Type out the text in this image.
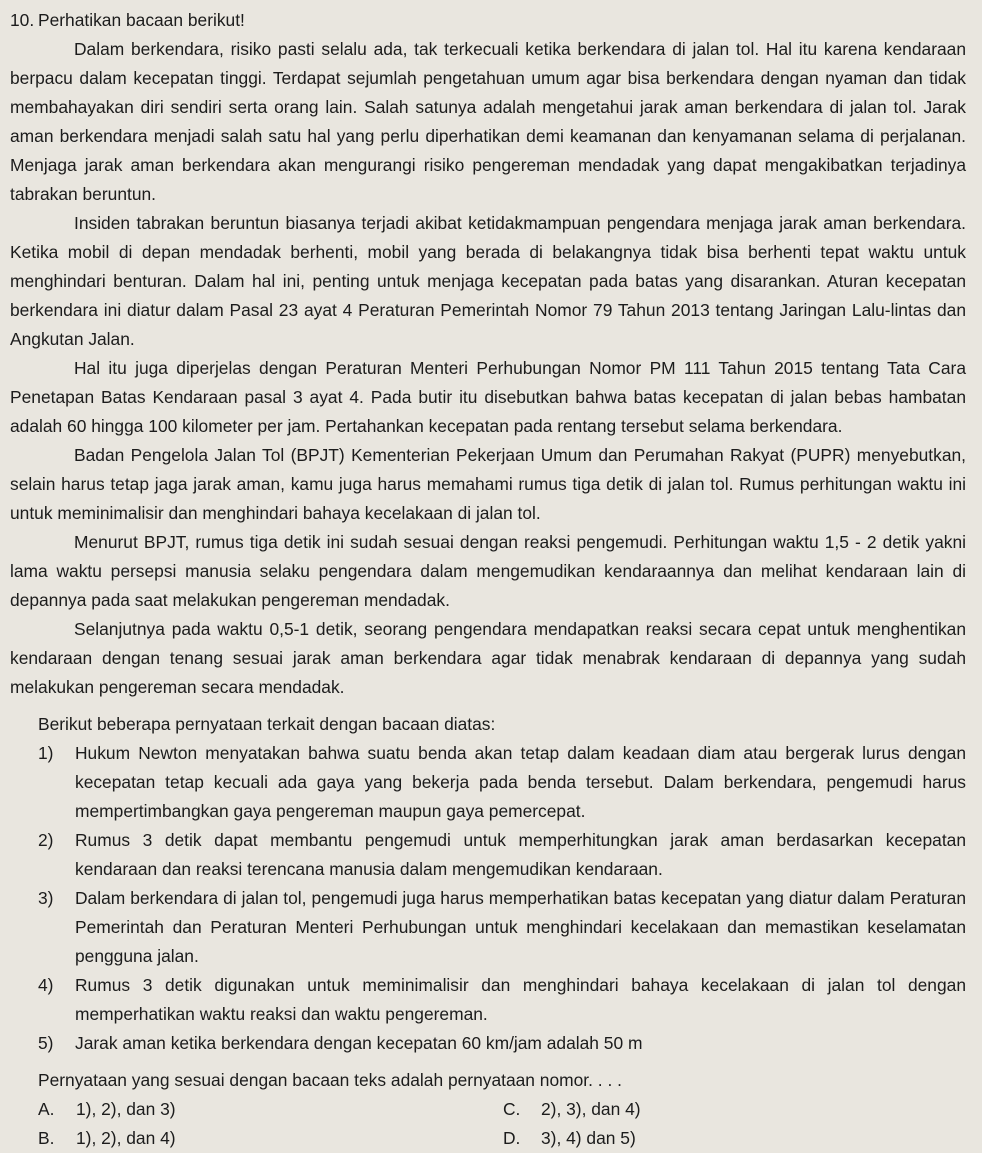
10. Perhatikan bacaan berikut!

Dalam berkendara, risiko pasti selalu ada, tak terkecuali ketika berkendara di jalan tol. Hal itu karena kendaraan berpacu dalam kecepatan tinggi. Terdapat sejumlah pengetahuan umum agar bisa berkendara dengan nyaman dan tidak membahayakan diri sendiri serta orang lain. Salah satunya adalah mengetahui jarak aman berkendara di jalan tol. Jarak aman berkendara menjadi salah satu hal yang perlu diperhatikan demi keamanan dan kenyamanan selama di perjalanan. Menjaga jarak aman berkendara akan mengurangi risiko pengereman mendadak yang dapat mengakibatkan terjadinya tabrakan beruntun.

Insiden tabrakan beruntun biasanya terjadi akibat ketidakmampuan pengendara menjaga jarak aman berkendara. Ketika mobil di depan mendadak berhenti, mobil yang berada di belakangnya tidak bisa berhenti tepat waktu untuk menghindari benturan. Dalam hal ini, penting untuk menjaga kecepatan pada batas yang disarankan. Aturan kecepatan berkendara ini diatur dalam Pasal 23 ayat 4 Peraturan Pemerintah Nomor 79 Tahun 2013 tentang Jaringan Lalu-lintas dan Angkutan Jalan.

Hal itu juga diperjelas dengan Peraturan Menteri Perhubungan Nomor PM 111 Tahun 2015 tentang Tata Cara Penetapan Batas Kendaraan pasal 3 ayat 4. Pada butir itu disebutkan bahwa batas kecepatan di jalan bebas hambatan adalah 60 hingga 100 kilometer per jam. Pertahankan kecepatan pada rentang tersebut selama berkendara.

Badan Pengelola Jalan Tol (BPJT) Kementerian Pekerjaan Umum dan Perumahan Rakyat (PUPR) menyebutkan, selain harus tetap jaga jarak aman, kamu juga harus memahami rumus tiga detik di jalan tol. Rumus perhitungan waktu ini untuk meminimalisir dan menghindari bahaya kecelakaan di jalan tol.

Menurut BPJT, rumus tiga detik ini sudah sesuai dengan reaksi pengemudi. Perhitungan waktu 1,5 - 2 detik yakni lama waktu persepsi manusia selaku pengendara dalam mengemudikan kendaraannya dan melihat kendaraan lain di depannya pada saat melakukan pengereman mendadak.

Selanjutnya pada waktu 0,5-1 detik, seorang pengendara mendapatkan reaksi secara cepat untuk menghentikan kendaraan dengan tenang sesuai jarak aman berkendara agar tidak menabrak kendaraan di depannya yang sudah melakukan pengereman secara mendadak.

Berikut beberapa pernyataan terkait dengan bacaan diatas:

1)	Hukum Newton menyatakan bahwa suatu benda akan tetap dalam keadaan diam atau bergerak lurus dengan kecepatan tetap kecuali ada gaya yang bekerja pada benda tersebut. Dalam berkendara, pengemudi harus mempertimbangkan gaya pengereman maupun gaya pemercepat.
2)	Rumus 3 detik dapat membantu pengemudi untuk memperhitungkan jarak aman berdasarkan kecepatan kendaraan dan reaksi terencana manusia dalam mengemudikan kendaraan.
3)	Dalam berkendara di jalan tol, pengemudi juga harus memperhatikan batas kecepatan yang diatur dalam Peraturan Pemerintah dan Peraturan Menteri Perhubungan untuk menghindari kecelakaan dan memastikan keselamatan pengguna jalan.
4)	Rumus 3 detik digunakan untuk meminimalisir dan menghindari bahaya kecelakaan di jalan tol dengan memperhatikan waktu reaksi dan waktu pengereman.
5)	Jarak aman ketika berkendara dengan kecepatan 60 km/jam adalah 50 m

Pernyataan yang sesuai dengan bacaan teks adalah pernyataan nomor. . . .

A.	1), 2), dan 3)	C.	2), 3), dan 4)
B.	1), 2), dan 4)	D.	3), 4) dan 5)
